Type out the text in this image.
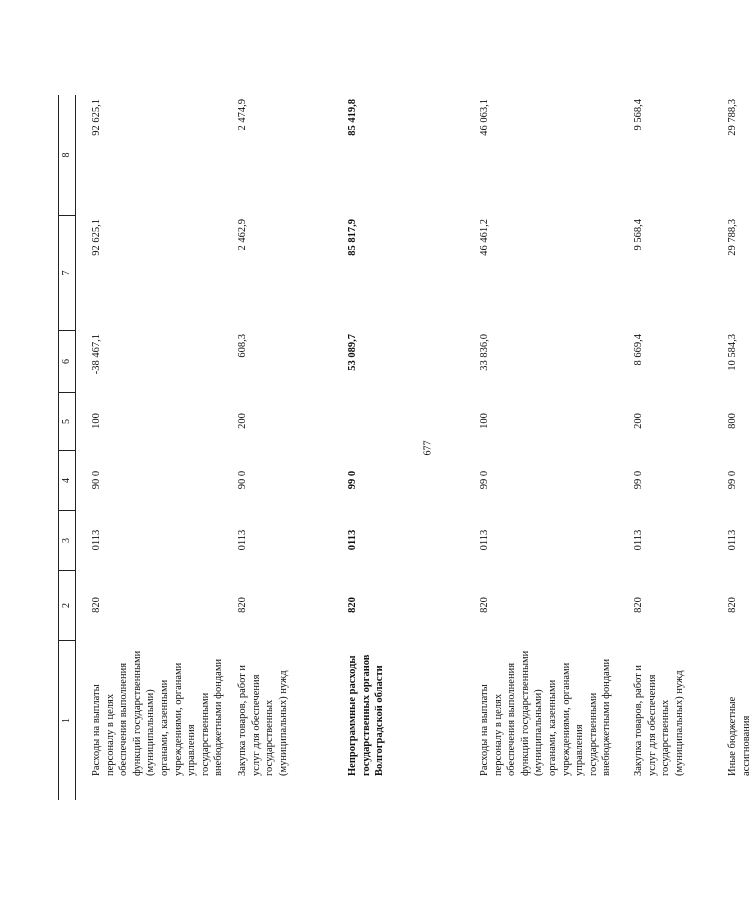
677
1
2
3
4
5
6
7
8
Расходы на выплаты персоналу в целях обеспечения выполнения функций государственными (муниципальными) органами, казенными учреждениями, органами управления государственными внебюджетными фондами
820
0113
90 0
100
-38 467,1
92 625,1
92 625,1
Закупка товаров, работ и услуг для обеспечения государственных (муниципальных) нужд
820
0113
90 0
200
608,3
2 462,9
2 474,9
Непрограммные расходы государственных органов Волгоградской области
820
0113
99 0
53 089,7
85 817,9
85 419,8
Расходы на выплаты персоналу в целях обеспечения выполнения функций государственными (муниципальными) органами, казенными учреждениями, органами управления государственными внебюджетными фондами
820
0113
99 0
100
33 836,0
46 461,2
46 063,1
Закупка товаров, работ и услуг для обеспечения государственных (муниципальных) нужд
820
0113
99 0
200
8 669,4
9 568,4
9 568,4
Иные бюджетные ассигнования
820
0113
99 0
800
10 584,3
29 788,3
29 788,3
